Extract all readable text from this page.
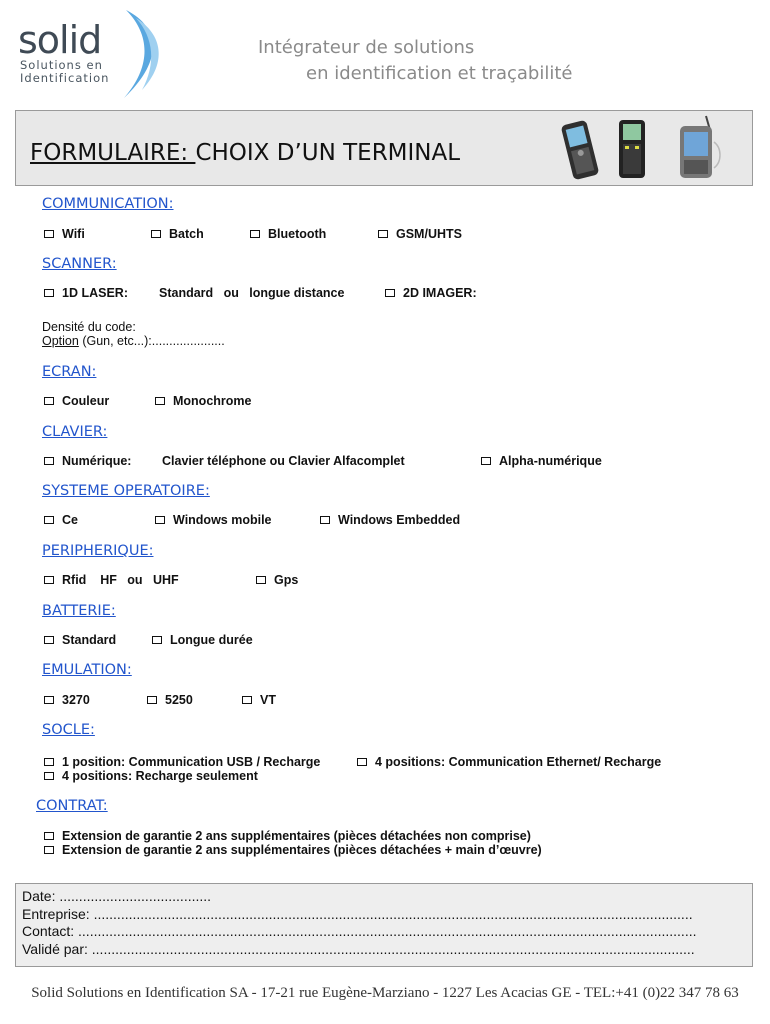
solid
Solutions en
Identification
Intégrateur de solutions
en identification et traçabilité
FORMULAIRE: CHOIX D’UN TERMINAL
COMMUNICATION:
Wifi	Batch	Bluetooth	GSM/UHTS
SCANNER:
1D LASER: Standard   ou   longue distance	2D IMAGER:
Densité du code:
Option (Gun, etc...):.....................
ECRAN:
Couleur	Monochrome
CLAVIER:
Numérique: Clavier téléphone ou Clavier Alfacomplet	Alpha-numérique
SYSTEME OPERATOIRE:
Ce	Windows mobile	Windows Embedded
PERIPHERIQUE:
Rfid    HF   ou   UHF	Gps
BATTERIE:
Standard	Longue durée
EMULATION:
3270	5250	VT
SOCLE:
1 position: Communication USB / Recharge	4 positions: Communication Ethernet/ Recharge
4 positions: Recharge seulement
CONTRAT:
Extension de garantie 2 ans supplémentaires (pièces détachées non comprise)
Extension de garantie 2 ans supplémentaires (pièces détachées + main d’œuvre)
Date: .......................................
Entreprise: ..........................................................................................................................................................
Contact: ...............................................................................................................................................................
Validé par: ...........................................................................................................................................................
Solid Solutions en Identification SA - 17-21 rue Eugène-Marziano - 1227 Les Acacias GE - TEL:+41 (0)22 347 78 63
